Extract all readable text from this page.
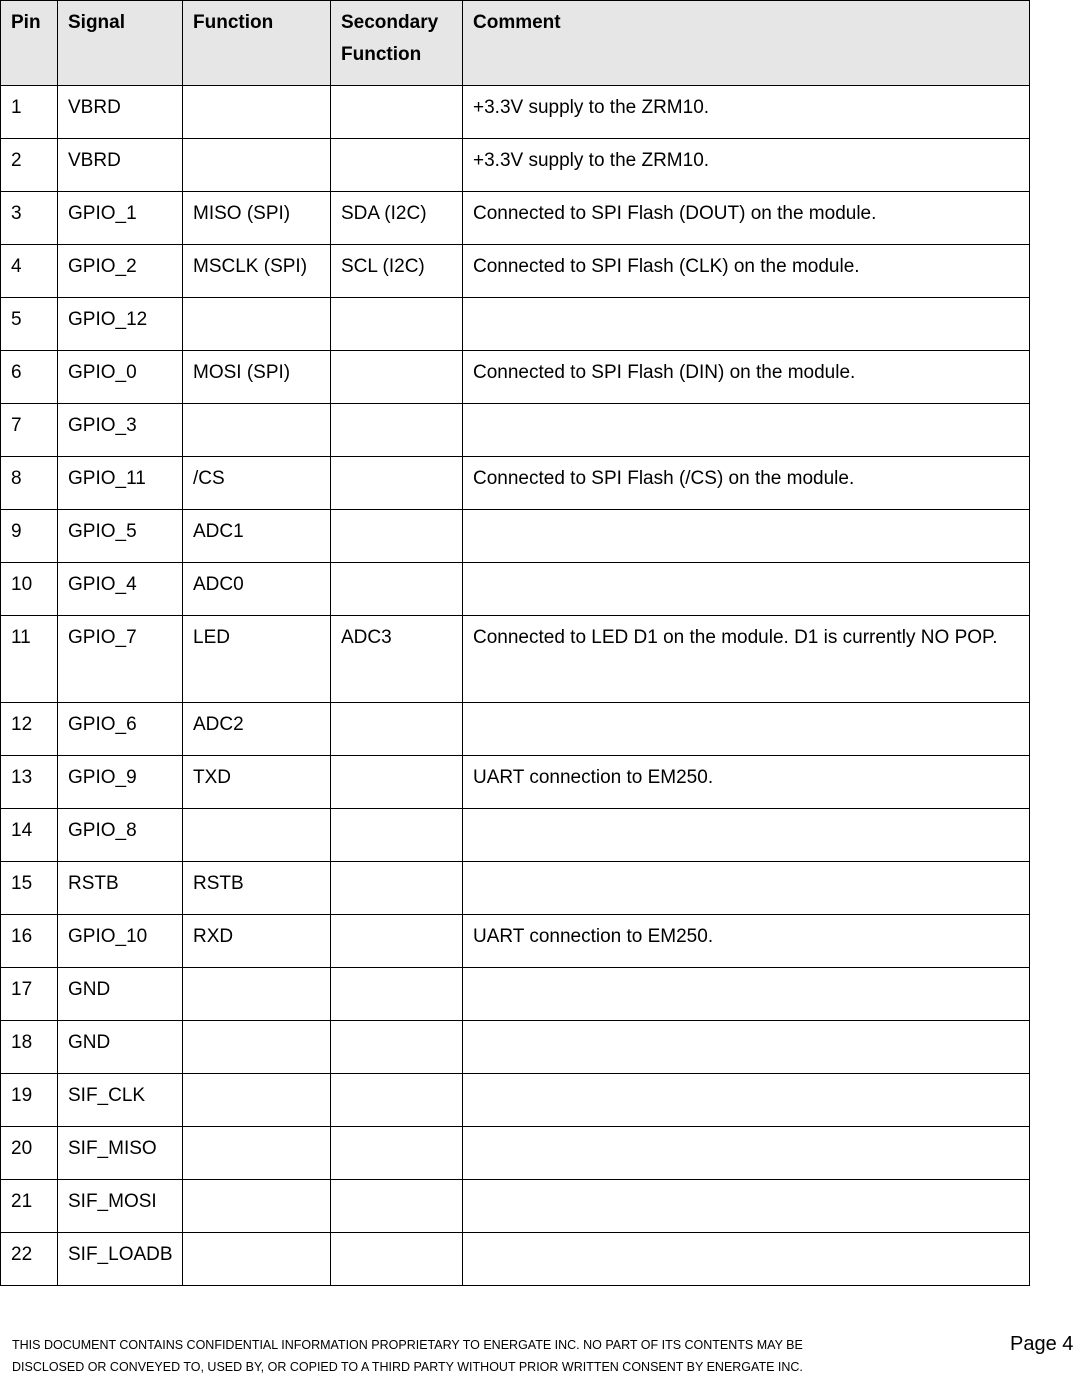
Pin	Signal	Function	Secondary Function	Comment
1	VBRD			+3.3V supply to the ZRM10.
2	VBRD			+3.3V supply to the ZRM10.
3	GPIO_1	MISO (SPI)	SDA (I2C)	Connected to SPI Flash (DOUT) on the module.
4	GPIO_2	MSCLK (SPI)	SCL (I2C)	Connected to SPI Flash (CLK) on the module.
5	GPIO_12			
6	GPIO_0	MOSI (SPI)		Connected to SPI Flash (DIN) on the module.
7	GPIO_3			
8	GPIO_11	/CS		Connected to SPI Flash (/CS) on the module.
9	GPIO_5	ADC1		
10	GPIO_4	ADC0		
11	GPIO_7	LED	ADC3	Connected to LED D1 on the module. D1 is currently NO POP.
12	GPIO_6	ADC2		
13	GPIO_9	TXD		UART connection to EM250.
14	GPIO_8			
15	RSTB	RSTB		
16	GPIO_10	RXD		UART connection to EM250.
17	GND			
18	GND			
19	SIF_CLK			
20	SIF_MISO			
21	SIF_MOSI			
22	SIF_LOADB			
THIS DOCUMENT CONTAINS CONFIDENTIAL INFORMATION PROPRIETARY TO ENERGATE INC. NO PART OF ITS CONTENTS MAY BE
DISCLOSED OR CONVEYED TO, USED BY, OR COPIED TO A THIRD PARTY WITHOUT PRIOR WRITTEN CONSENT BY ENERGATE INC.
Page 4
